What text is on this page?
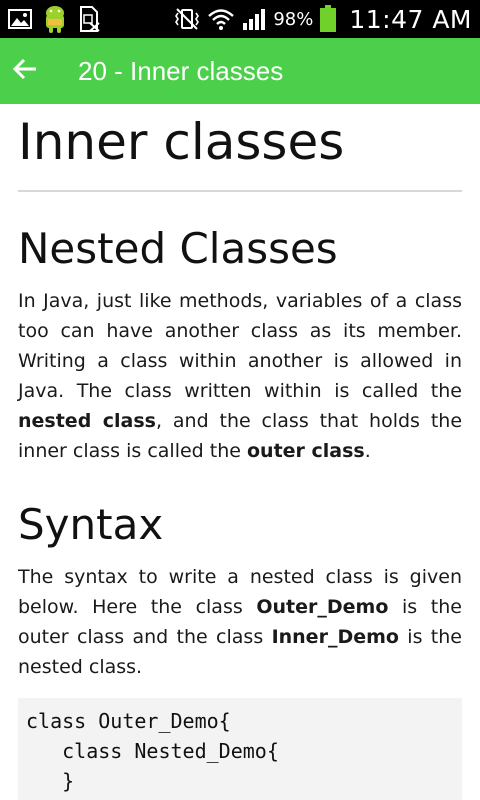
98% 11:47 AM
20 - Inner classes
Inner classes
Nested Classes

In Java, just like methods, variables of a class too can have another class as its member. Writing a class within another is allowed in Java. The class written within is called the nested class, and the class that holds the inner class is called the outer class.

Syntax

The syntax to write a nested class is given below. Here the class Outer_Demo is the outer class and the class Inner_Demo is the nested class.

class Outer_Demo{
class Nested_Demo{
}
